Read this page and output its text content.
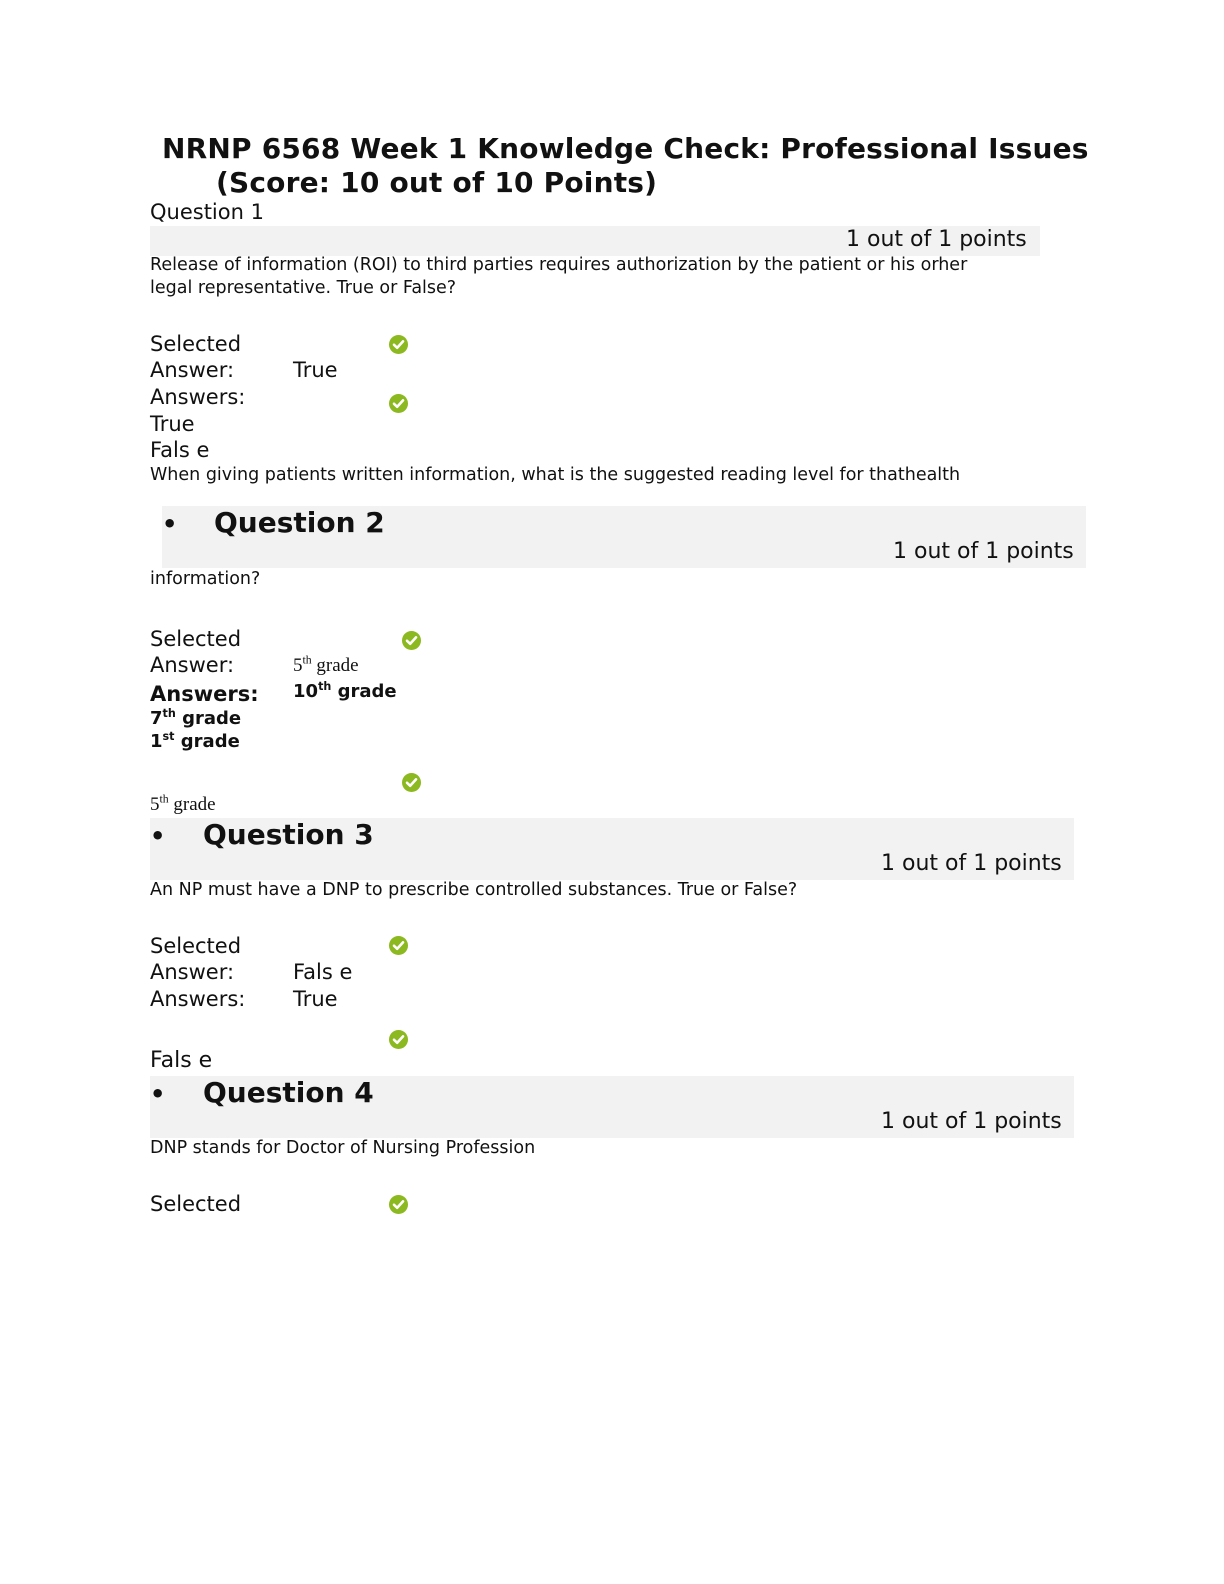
NRNP 6568 Week 1 Knowledge Check: Professional Issues
(Score: 10 out of 10 Points)
Question 1
1 out of 1 points
Release of information (ROI) to third parties requires authorization by the patient or his orher
legal representative. True or False?
Selected
Answer:	True
Answers:
True
Fals e
When giving patients written information, what is the suggested reading level for thathealth
• Question 2
1 out of 1 points
information?
Selected
Answer:	5th grade
Answers: 10th grade
7th grade
1st grade
5th grade
• Question 3
1 out of 1 points
An NP must have a DNP to prescribe controlled substances. True or False?
Selected
Answer:	Fals e
Answers: True
Fals e
• Question 4
1 out of 1 points
DNP stands for Doctor of Nursing Profession
Selected
